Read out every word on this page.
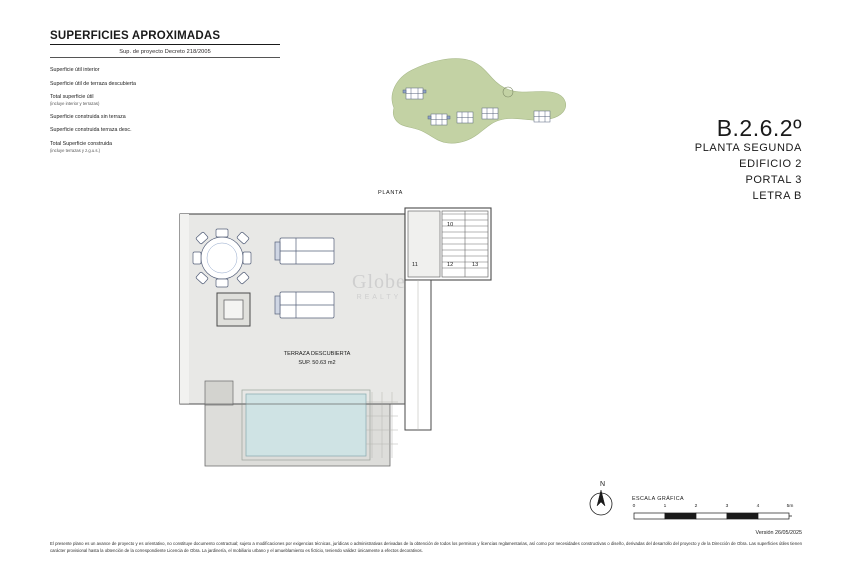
SUPERFICIES APROXIMADAS
Sup. de proyecto Decreto 218/2005
Superficie útil interior
Superficie útil de terraza descubierta
Total superficie útil
(incluye interior y terrazas)
Superficie construida sin terraza
Superficie construida terraza desc.
Total Superficie construida
(incluye terrazas y z.g.u.s.)
B.2.6.2º
PLANTA SEGUNDA
EDIFICIO 2
PORTAL 3
LETRA B
PLANTA
10
11	12	13
Globe
REALTY
TERRAZA DESCUBIERTA
SUP. 50.63 m2
N
ESCALA GRÁFICA
0	1	2	3	4	5m
Versión 26/05/2025
El presente plano es un avance de proyecto y es orientativo, no constituye documento contractual; sujeto a modificaciones por exigencias técnicas, jurídicas o administrativas derivadas de la obtención de todos los permisos y licencias reglamentarias, así como por necesidades constructivas o diseño, derivadas del desarrollo del proyecto y de la Dirección de Obra. Las superficies útiles tienen carácter provisional hasta la obtención de la correspondiente Licencia de Obra. La jardinería, el mobiliario urbano y el amueblamiento es ficticio, teniendo validez únicamente a efectos decorativos.
